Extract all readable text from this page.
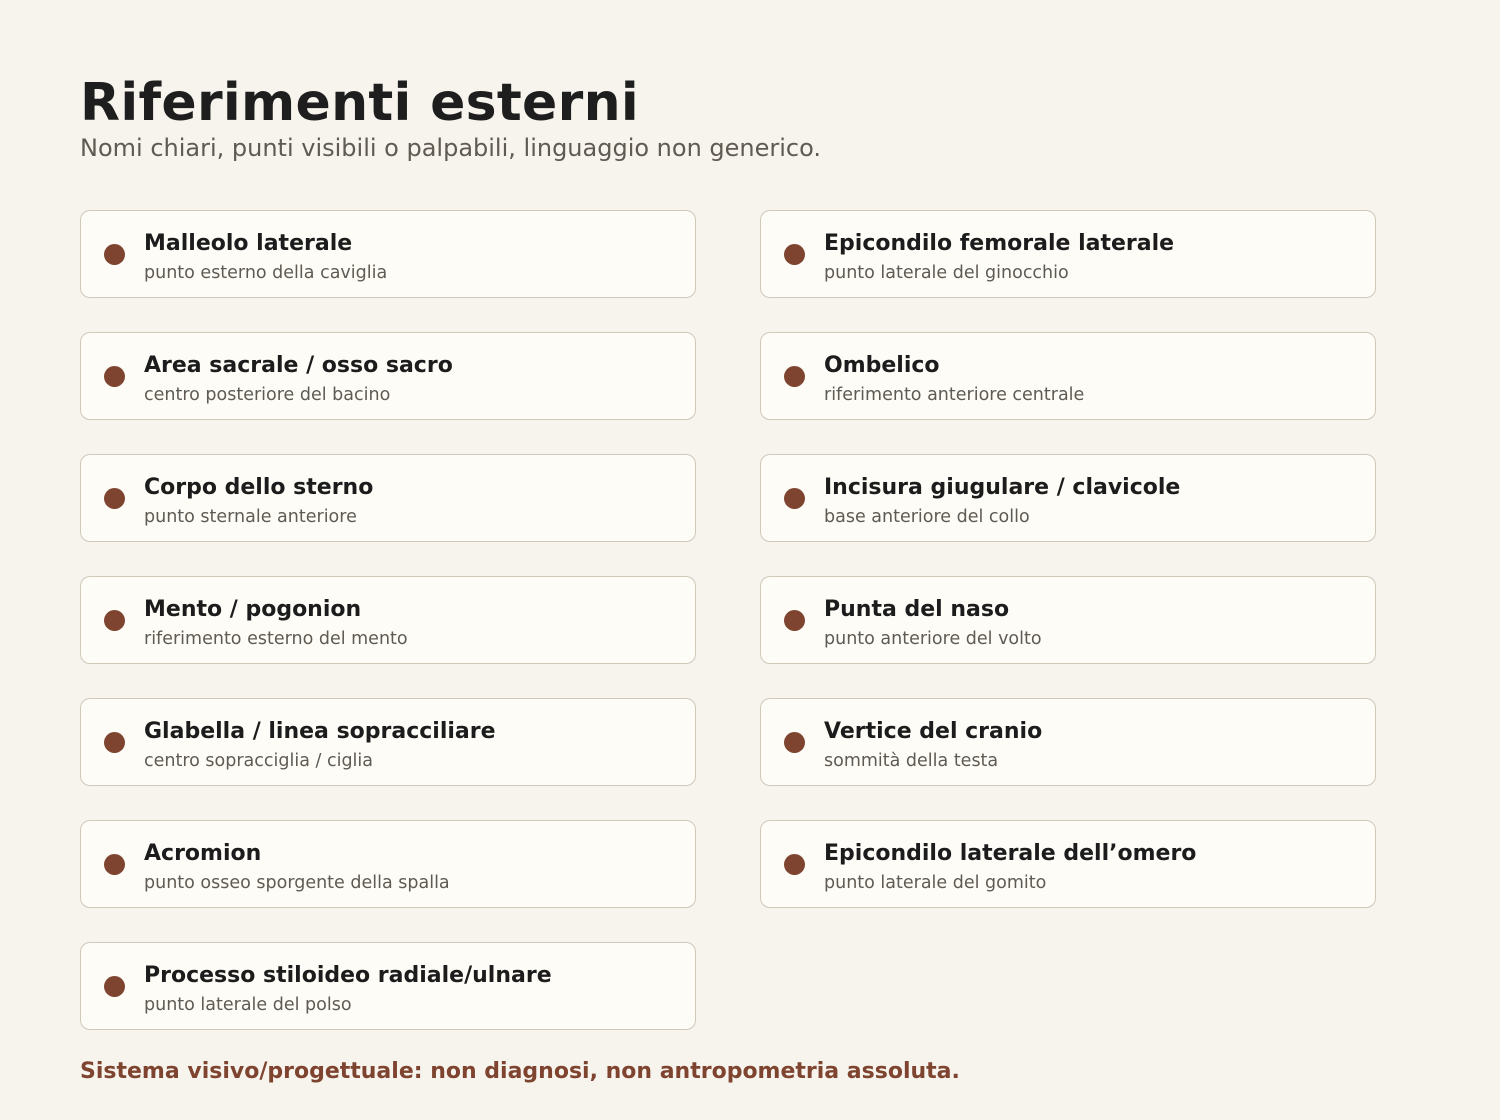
Riferimenti esterni

Nomi chiari, punti visibili o palpabili, linguaggio non generico.

Malleolo laterale
punto esterno della caviglia
Epicondilo femorale laterale
punto laterale del ginocchio
Area sacrale / osso sacro
centro posteriore del bacino
Ombelico
riferimento anteriore centrale
Corpo dello sterno
punto sternale anteriore
Incisura giugulare / clavicole
base anteriore del collo
Mento / pogonion
riferimento esterno del mento
Punta del naso
punto anteriore del volto
Glabella / linea sopracciliare
centro sopracciglia / ciglia
Vertice del cranio
sommità della testa
Acromion
punto osseo sporgente della spalla
Epicondilo laterale dell’omero
punto laterale del gomito
Processo stiloideo radiale/ulnare
punto laterale del polso

Sistema visivo/progettuale: non diagnosi, non antropometria assoluta.
